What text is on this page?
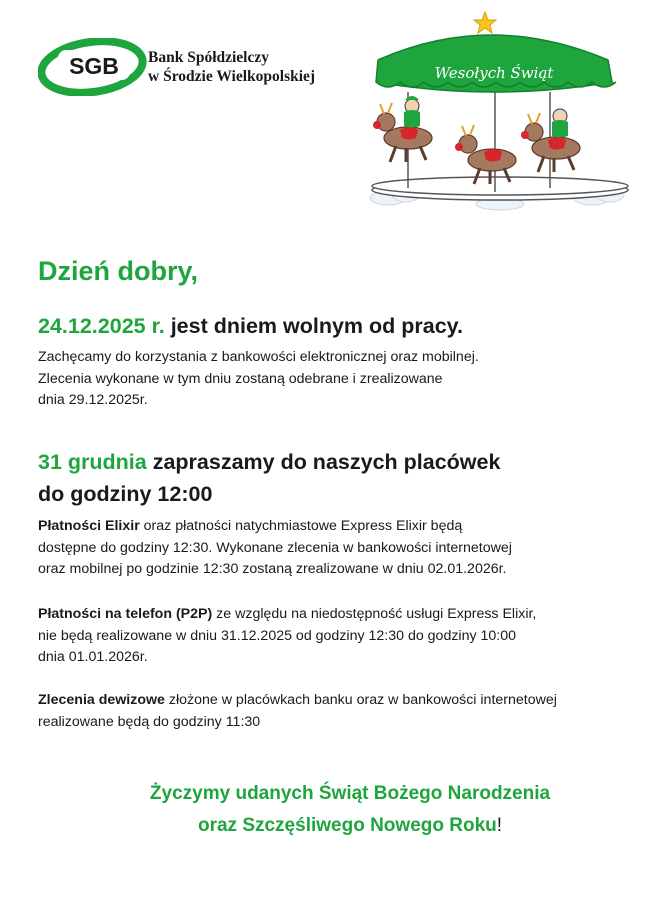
SGB Bank Spółdzielczy
w Środzie Wielkopolskiej	Wesołych Świąt
Dzień dobry,
24.12.2025 r. jest dniem wolnym od pracy.
Zachęcamy do korzystania z bankowości elektronicznej oraz mobilnej.
Zlecenia wykonane w tym dniu zostaną odebrane i zrealizowane
dnia 29.12.2025r.
31 grudnia zapraszamy do naszych placówek
do godziny 12:00
Płatności Elixir oraz płatności natychmiastowe Express Elixir będą
dostępne do godziny 12:30. Wykonane zlecenia w bankowości internetowej
oraz mobilnej po godzinie 12:30 zostaną zrealizowane w dniu 02.01.2026r.
Płatności na telefon (P2P) ze względu na niedostępność usługi Express Elixir,
nie będą realizowane w dniu 31.12.2025 od godziny 12:30 do godziny 10:00
dnia 01.01.2026r.
Zlecenia dewizowe złożone w placówkach banku oraz w bankowości internetowej
realizowane będą do godziny 11:30
Życzymy udanych Świąt Bożego Narodzenia
oraz Szczęśliwego Nowego Roku!
